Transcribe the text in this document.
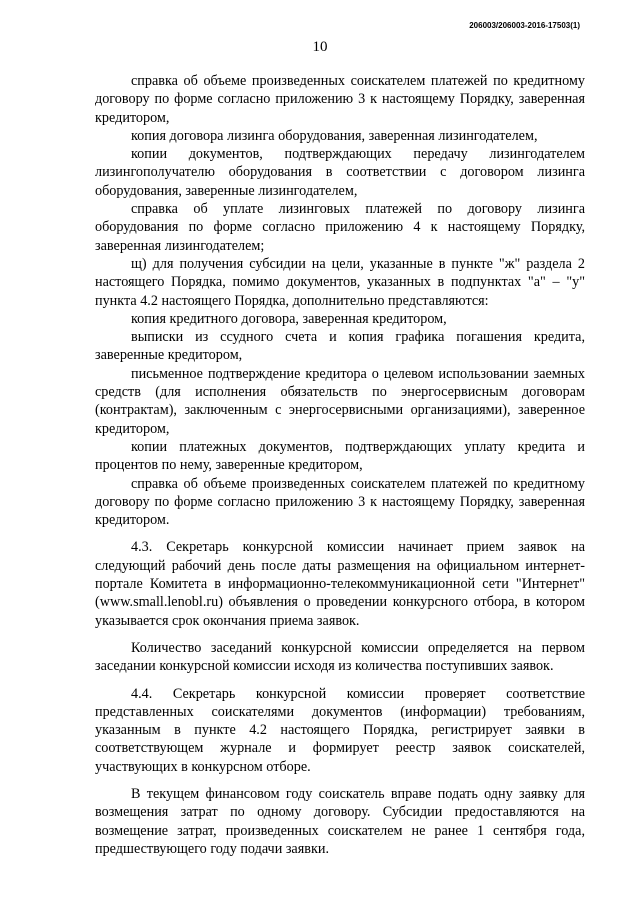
206003/206003-2016-17503(1)
10

справка об объеме произведенных соискателем платежей по кредитному договору по форме согласно приложению 3 к настоящему Порядку, заверенная кредитором,

копия договора лизинга оборудования, заверенная лизингодателем,

копии документов, подтверждающих передачу лизингодателем лизингополучателю оборудования в соответствии с договором лизинга оборудования, заверенные лизингодателем,

справка об уплате лизинговых платежей по договору лизинга оборудования по форме согласно приложению 4 к настоящему Порядку, заверенная лизингодателем;

щ) для получения субсидии на цели, указанные в пункте "ж" раздела 2 настоящего Порядка, помимо документов, указанных в подпунктах "а" – "у" пункта 4.2 настоящего Порядка, дополнительно представляются:

копия кредитного договора, заверенная кредитором,

выписки из ссудного счета и копия графика погашения кредита, заверенные кредитором,

письменное подтверждение кредитора о целевом использовании заемных средств (для исполнения обязательств по энергосервисным договорам (контрактам), заключенным с энергосервисными организациями), заверенное кредитором,

копии платежных документов, подтверждающих уплату кредита и процентов по нему, заверенные кредитором,

справка об объеме произведенных соискателем платежей по кредитному договору по форме согласно приложению 3 к настоящему Порядку, заверенная кредитором.

4.3. Секретарь конкурсной комиссии начинает прием заявок на следующий рабочий день после даты размещения на официальном интернет-портале Комитета в информационно-телекоммуникационной сети "Интернет" (www.small.lenobl.ru) объявления о проведении конкурсного отбора, в котором указывается срок окончания приема заявок.

Количество заседаний конкурсной комиссии определяется на первом заседании конкурсной комиссии исходя из количества поступивших заявок.

4.4. Секретарь конкурсной комиссии проверяет соответствие представленных соискателями документов (информации) требованиям, указанным в пункте 4.2 настоящего Порядка, регистрирует заявки в соответствующем журнале и формирует реестр заявок соискателей, участвующих в конкурсном отборе.

В текущем финансовом году соискатель вправе подать одну заявку для возмещения затрат по одному договору. Субсидии предоставляются на возмещение затрат, произведенных соискателем не ранее 1 сентября года, предшествующего году подачи заявки.
